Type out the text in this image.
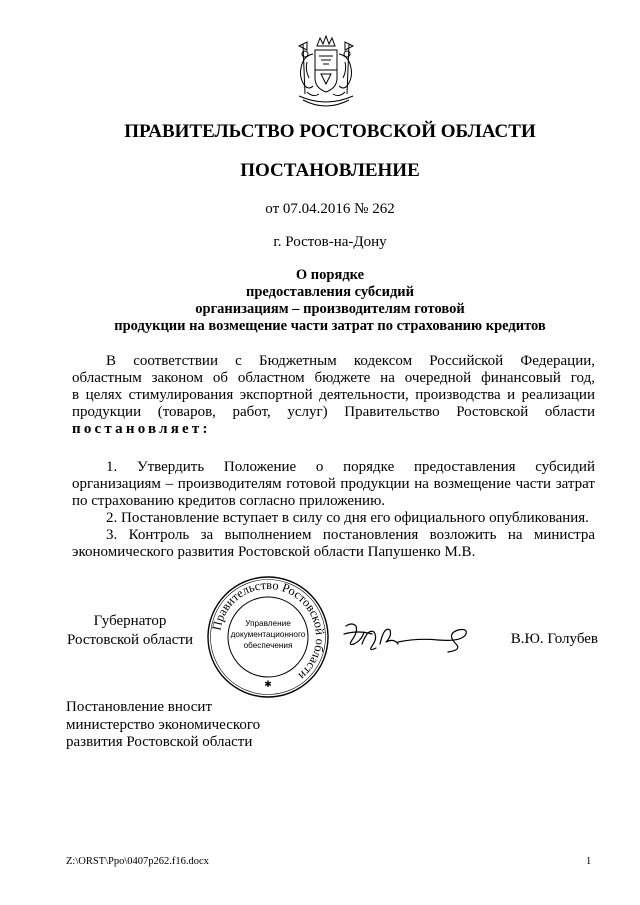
ПРАВИТЕЛЬСТВО РОСТОВСКОЙ ОБЛАСТИ
ПОСТАНОВЛЕНИЕ
от 07.04.2016 № 262
г. Ростов-на-Дону
О порядке
предоставления субсидий
организациям – производителям готовой
продукции на возмещение части затрат по страхованию кредитов
В соответствии с Бюджетным кодексом Российской Федерации,
областным законом об областном бюджете на очередной финансовый год,
в целях стимулирования экспортной деятельности, производства и реализации
продукции (товаров, работ, услуг) Правительство Ростовской области
постановляет:
1. Утвердить Положение о порядке предоставления субсидий
организациям – производителям готовой продукции на возмещение части затрат
по страхованию кредитов согласно приложению.
2. Постановление вступает в силу со дня его официального опубликования.
3. Контроль за выполнением постановления возложить на министра
экономического развития Ростовской области Папушенко М.В.
Губернатор
Ростовской области
Правительство Ростовской области
✱
Управление
документационного
обеспечения	В.Ю. Голубев
Постановление вносит
министерство экономического
развития Ростовской области
Z:\ORST\Ppo\0407p262.f16.docx	1
